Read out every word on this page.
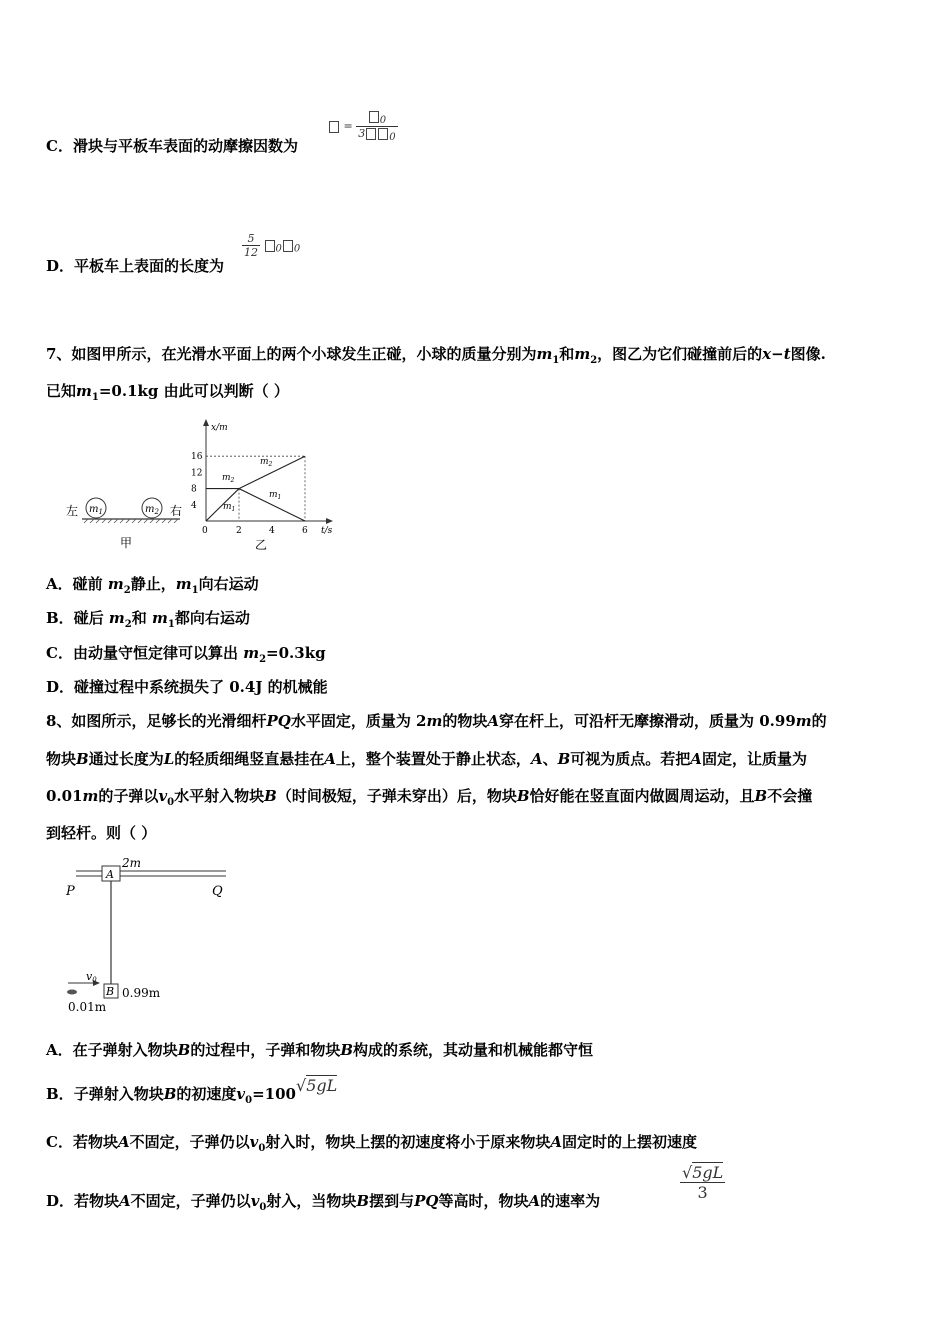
= $\frac{_0}{3 _0}$
C．滑块与平板车表面的动摩擦因数为
$\frac{5}{12} _0$ $_0$
D．平板车上表面的长度为
7、如图甲所示，在光滑水平面上的两个小球发生正碰，小球的质量分别为$m_1$和$m_2$，图乙为它们碰撞前后的x−t图像.
已知$m_1=0.1kg$ 由此可以判断（ ）
左 $m_1$	$m_2$ 右
甲
x/m
t/s
16
12
8
4
0	2	4	6
$m_2$
$m_2$
$m_1$
$m_1$
乙
A．碰前 $m_2$静止，$m_1$向右运动
B．碰后 $m_2$和 $m_1$都向右运动
C．由动量守恒定律可以算出 $m_2=0.3kg$
D．碰撞过程中系统损失了 0.4J 的机械能
8、如图所示，足够长的光滑细杆PQ水平固定，质量为 2m的物块A穿在杆上，可沿杆无摩擦滑动，质量为 0.99m的
物块B通过长度为L的轻质细绳竖直悬挂在A上，整个装置处于静止状态，A、B可视为质点。若把A固定，让质量为
0.01m的子弹以$v_0$水平射入物块B（时间极短，子弹未穿出）后，物块B恰好能在竖直面内做圆周运动，且B不会撞
到轻杆。则（ ）
A
2m
P	Q
B 0.99m
v0
0.01m
A．在子弹射入物块B的过程中，子弹和物块B构成的系统，其动量和机械能都守恒
B．子弹射入物块B的初速度$v_0=100√5gL$
C．若物块A不固定，子弹仍以$v_0$射入时，物块上摆的初速度将小于原来物块A固定时的上摆初速度
D．若物块A不固定，子弹仍以$v_0$射入，当物块B摆到与PQ等高时，物块A的速率为
√5gL
3
